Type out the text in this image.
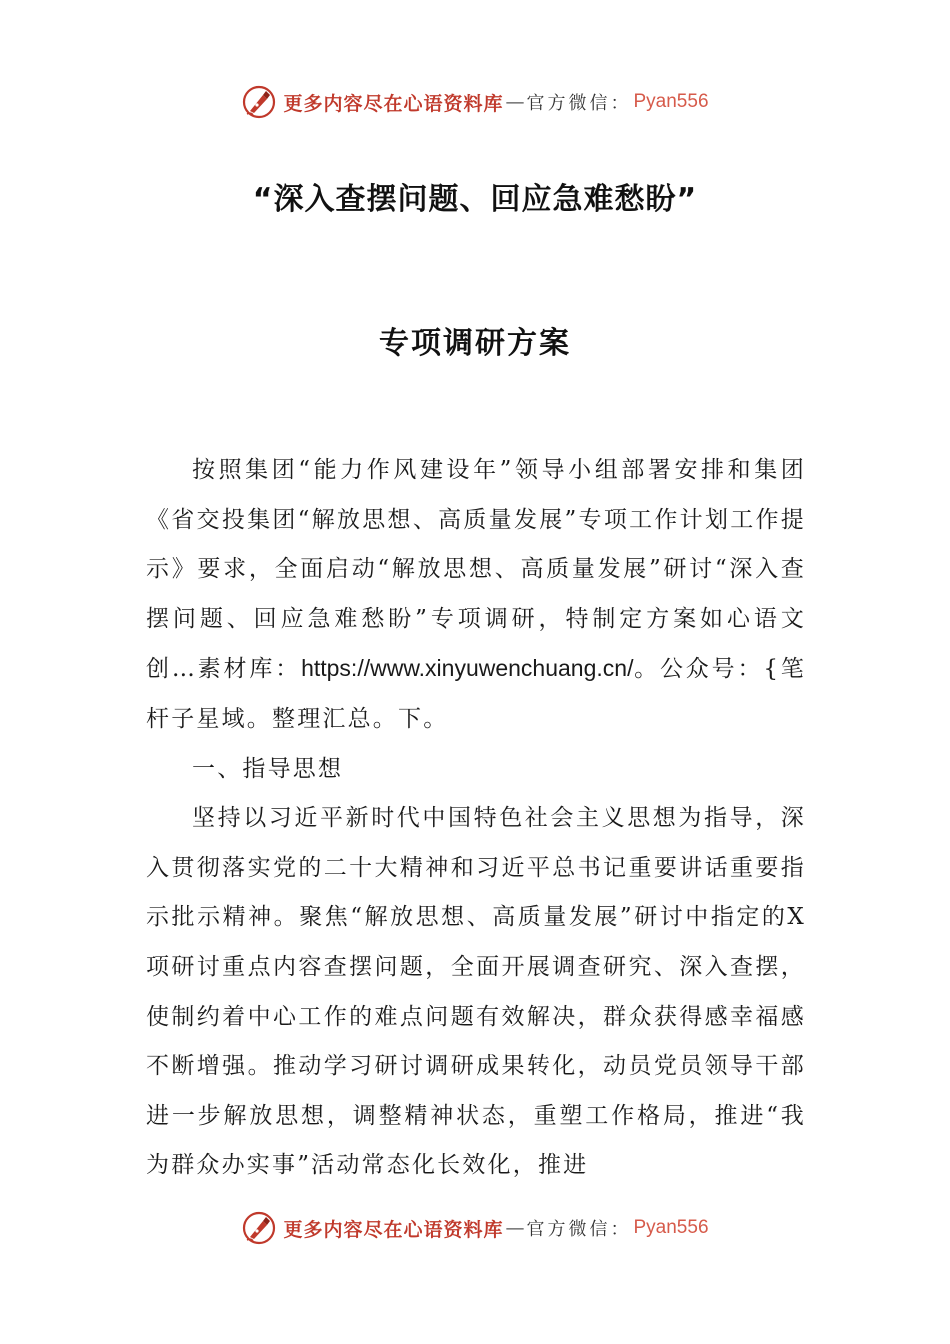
更多内容尽在心语资料库 — 官方微信： Pyan556
“深入查摆问题、回应急难愁盼”
专项调研方案

按照集团“能力作风建设年”领导小组部署安排和集团《省交投集团“解放思想、高质量发展”专项工作计划工作提示》要求，全面启动“解放思想、高质量发展”研讨“深入查摆问题、回应急难愁盼”专项调研，特制定方案如心语文创…素材库：https://www.xinyuwenchuang.cn/。公众号：{笔杆子星域。整理汇总。下。

一、指导思想

坚持以习近平新时代中国特色社会主义思想为指导，深入贯彻落实党的二十大精神和习近平总书记重要讲话重要指示批示精神。聚焦“解放思想、高质量发展”研讨中指定的X项研讨重点内容查摆问题，全面开展调查研究、深入查摆，使制约着中心工作的难点问题有效解决，群众获得感幸福感不断增强。推动学习研讨调研成果转化，动员党员领导干部进一步解放思想，调整精神状态，重塑工作格局，推进“我为群众办实事”活动常态化长效化，推进

更多内容尽在心语资料库 — 官方微信： Pyan556
